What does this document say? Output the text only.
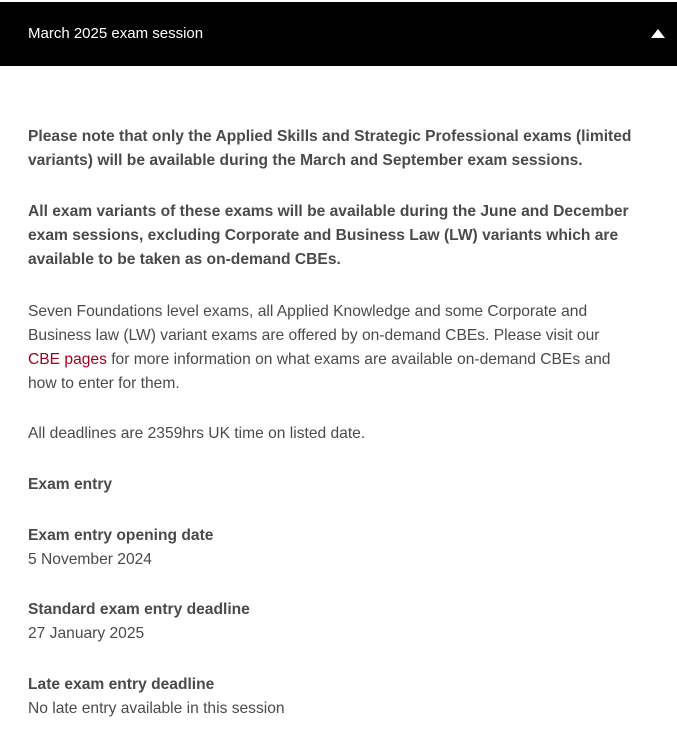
March 2025 exam session

Please note that only the Applied Skills and Strategic Professional exams (limited variants) will be available during the March and September exam sessions.

All exam variants of these exams will be available during the June and December exam sessions, excluding Corporate and Business Law (LW) variants which are available to be taken as on-demand CBEs.

Seven Foundations level exams, all Applied Knowledge and some Corporate and Business law (LW) variant exams are offered by on-demand CBEs. Please visit our CBE pages for more information on what exams are available on-demand CBEs and how to enter for them.

All deadlines are 2359hrs UK time on listed date.

Exam entry

Exam entry opening date

5 November 2024

Standard exam entry deadline

27 January 2025

Late exam entry deadline

No late entry available in this session
